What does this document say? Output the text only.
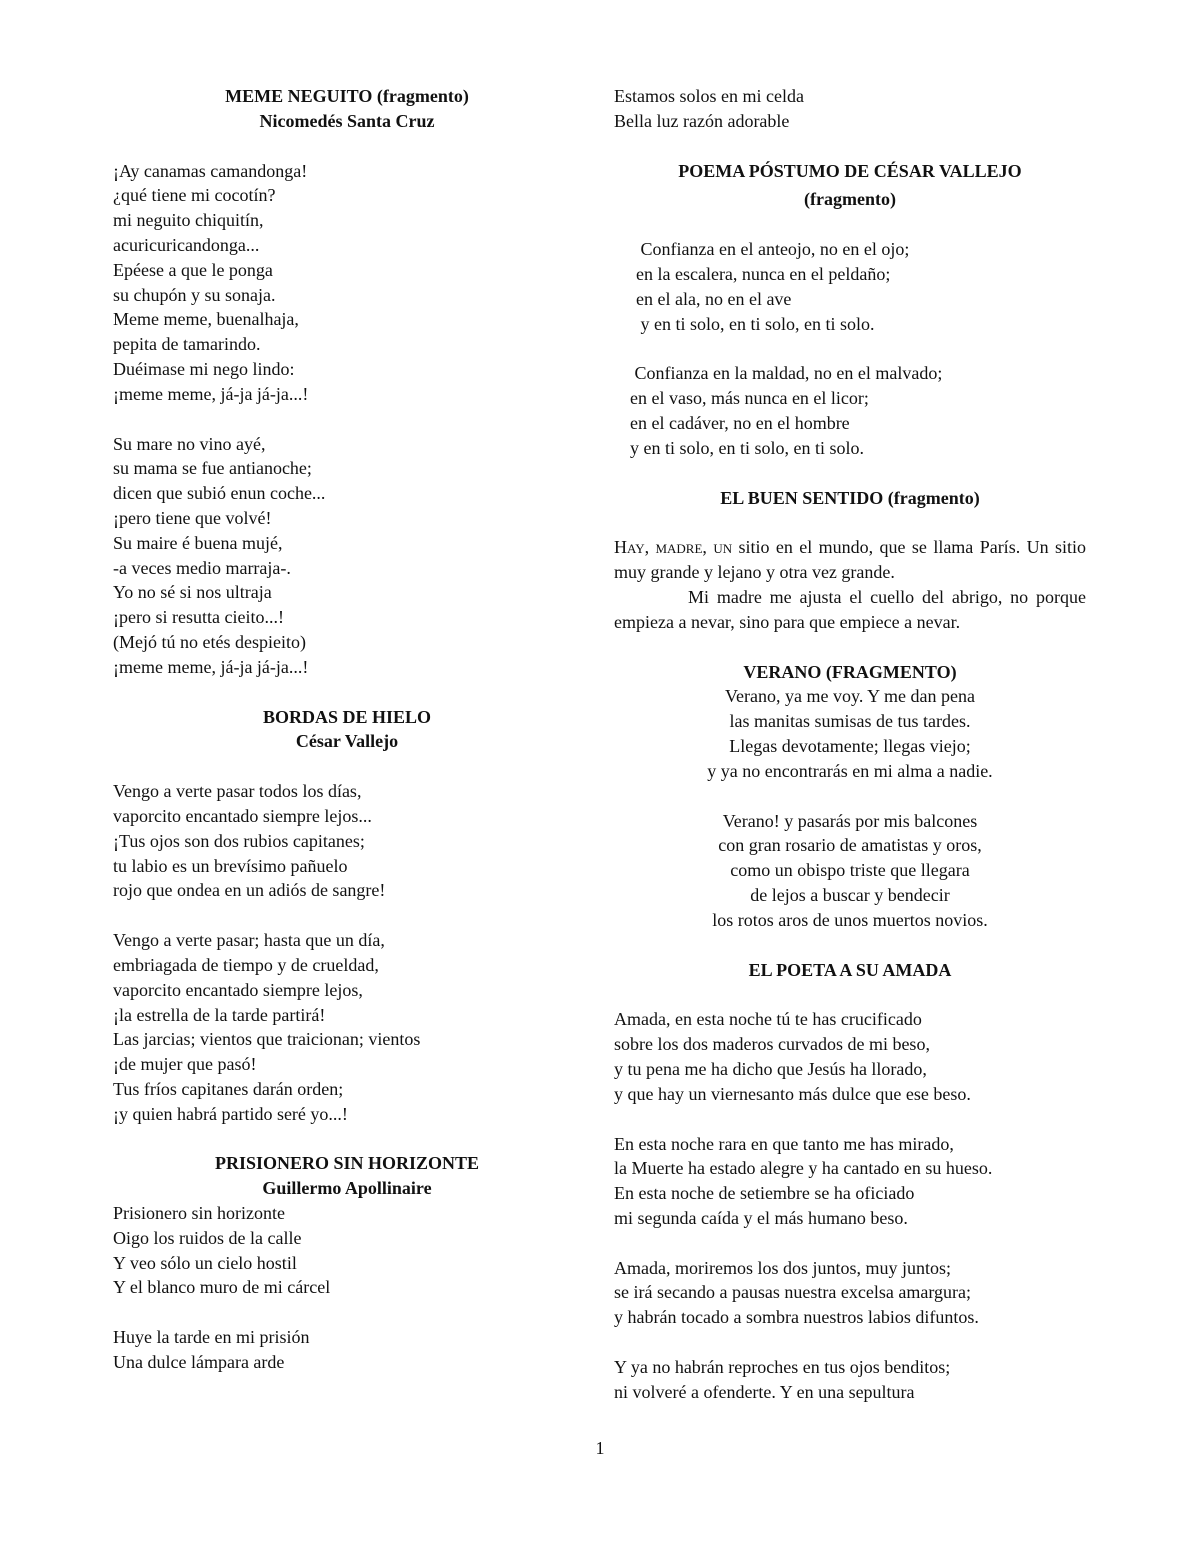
MEME NEGUITO (fragmento)

Nicomedés Santa Cruz

¡Ay canamas camandonga!
¿qué tiene mi cocotín?
mi neguito chiquitín,
acuricuricandonga...
Epéese a que le ponga
su chupón y su sonaja.
Meme meme, buenalhaja,
pepita de tamarindo.
Duéimase mi nego lindo:
¡meme meme, já-ja já-ja...!
Su mare no vino ayé,
su mama se fue antianoche;
dicen que subió enun coche...
¡pero tiene que volvé!
Su maire é buena mujé,
-a veces medio marraja-.
Yo no sé si nos ultraja
¡pero si resutta cieito...!
(Mejó tú no etés despieito)
¡meme meme, já-ja já-ja...!

BORDAS DE HIELO

César Vallejo

Vengo a verte pasar todos los días,
vaporcito encantado siempre lejos...
¡Tus ojos son dos rubios capitanes;
tu labio es un brevísimo pañuelo
rojo que ondea en un adiós de sangre!
Vengo a verte pasar; hasta que un día,
embriagada de tiempo y de crueldad,
vaporcito encantado siempre lejos,
¡la estrella de la tarde partirá!
Las jarcias; vientos que traicionan; vientos
¡de mujer que pasó!
Tus fríos capitanes darán orden;
¡y quien habrá partido seré yo...!

PRISIONERO SIN HORIZONTE

Guillermo Apollinaire

Prisionero sin horizonte
Oigo los ruidos de la calle
Y veo sólo un cielo hostil
Y el blanco muro de mi cárcel
Huye la tarde en mi prisión
Una dulce lámpara arde
Estamos solos en mi celda
Bella luz razón adorable

POEMA PÓSTUMO DE CÉSAR VALLEJO

(fragmento)

Confianza en el anteojo, no en el ojo;
en la escalera, nunca en el peldaño;
en el ala, no en el ave
y en ti solo, en ti solo, en ti solo.
Confianza en la maldad, no en el malvado;
en el vaso, más nunca en el licor;
en el cadáver, no en el hombre
y en ti solo, en ti solo, en ti solo.

EL BUEN SENTIDO (fragmento)

Hay, madre, un sitio en el mundo, que se llama París. Un sitio muy grande y lejano y otra vez grande.
Mi madre me ajusta el cuello del abrigo, no porque empieza a nevar, sino para que empiece a nevar.

VERANO (FRAGMENTO)

Verano, ya me voy. Y me dan pena
las manitas sumisas de tus tardes.
Llegas devotamente; llegas viejo;
y ya no encontrarás en mi alma a nadie.
Verano! y pasarás por mis balcones
con gran rosario de amatistas y oros,
como un obispo triste que llegara
de lejos a buscar y bendecir
los rotos aros de unos muertos novios.

EL POETA A SU AMADA

Amada, en esta noche tú te has crucificado
sobre los dos maderos curvados de mi beso,
y tu pena me ha dicho que Jesús ha llorado,
y que hay un viernesanto más dulce que ese beso.
En esta noche rara en que tanto me has mirado,
la Muerte ha estado alegre y ha cantado en su hueso.
En esta noche de setiembre se ha oficiado
mi segunda caída y el más humano beso.
Amada, moriremos los dos juntos, muy juntos;
se irá secando a pausas nuestra excelsa amargura;
y habrán tocado a sombra nuestros labios difuntos.
Y ya no habrán reproches en tus ojos benditos;
ni volveré a ofenderte. Y en una sepultura
1
